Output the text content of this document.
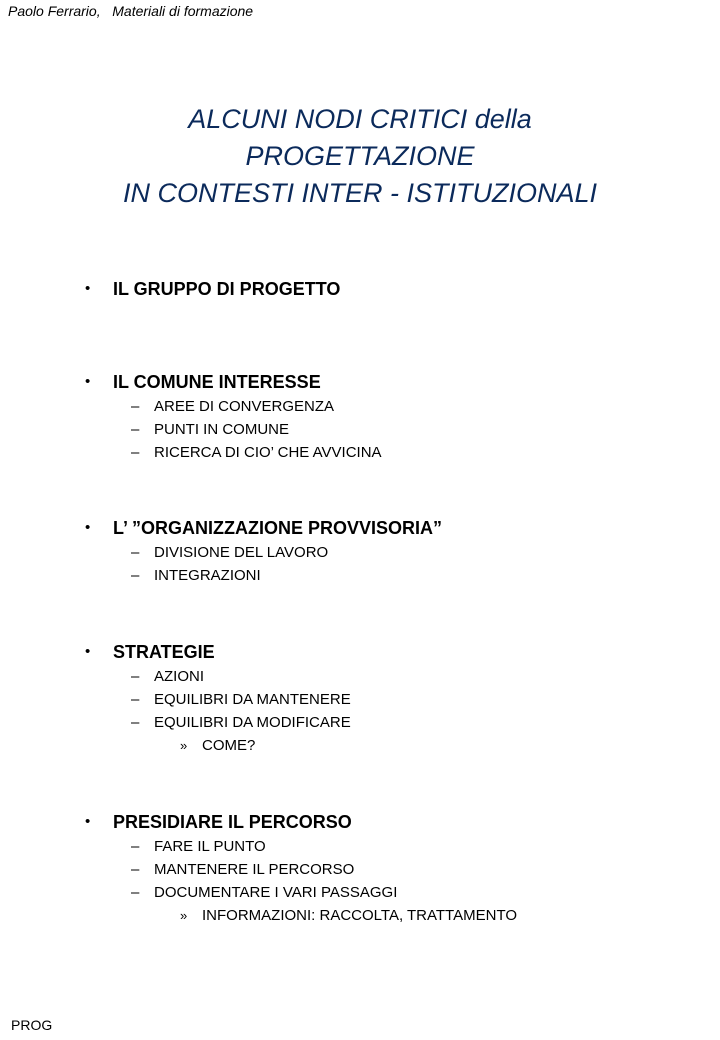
Paolo Ferrario,   Materiali di formazione
ALCUNI NODI CRITICI della
PROGETTAZIONE
IN CONTESTI INTER - ISTITUZIONALI
• IL GRUPPO DI PROGETTO
• IL COMUNE INTERESSE
– AREE DI CONVERGENZA
– PUNTI IN COMUNE
– RICERCA DI CIO’ CHE AVVICINA
• L’ ”ORGANIZZAZIONE PROVVISORIA”
– DIVISIONE DEL LAVORO
– INTEGRAZIONI
• STRATEGIE
– AZIONI
– EQUILIBRI DA MANTENERE
– EQUILIBRI DA MODIFICARE
» COME?
• PRESIDIARE IL PERCORSO
– FARE IL PUNTO
– MANTENERE IL PERCORSO
– DOCUMENTARE I VARI PASSAGGI
» INFORMAZIONI: RACCOLTA, TRATTAMENTO
PROG
